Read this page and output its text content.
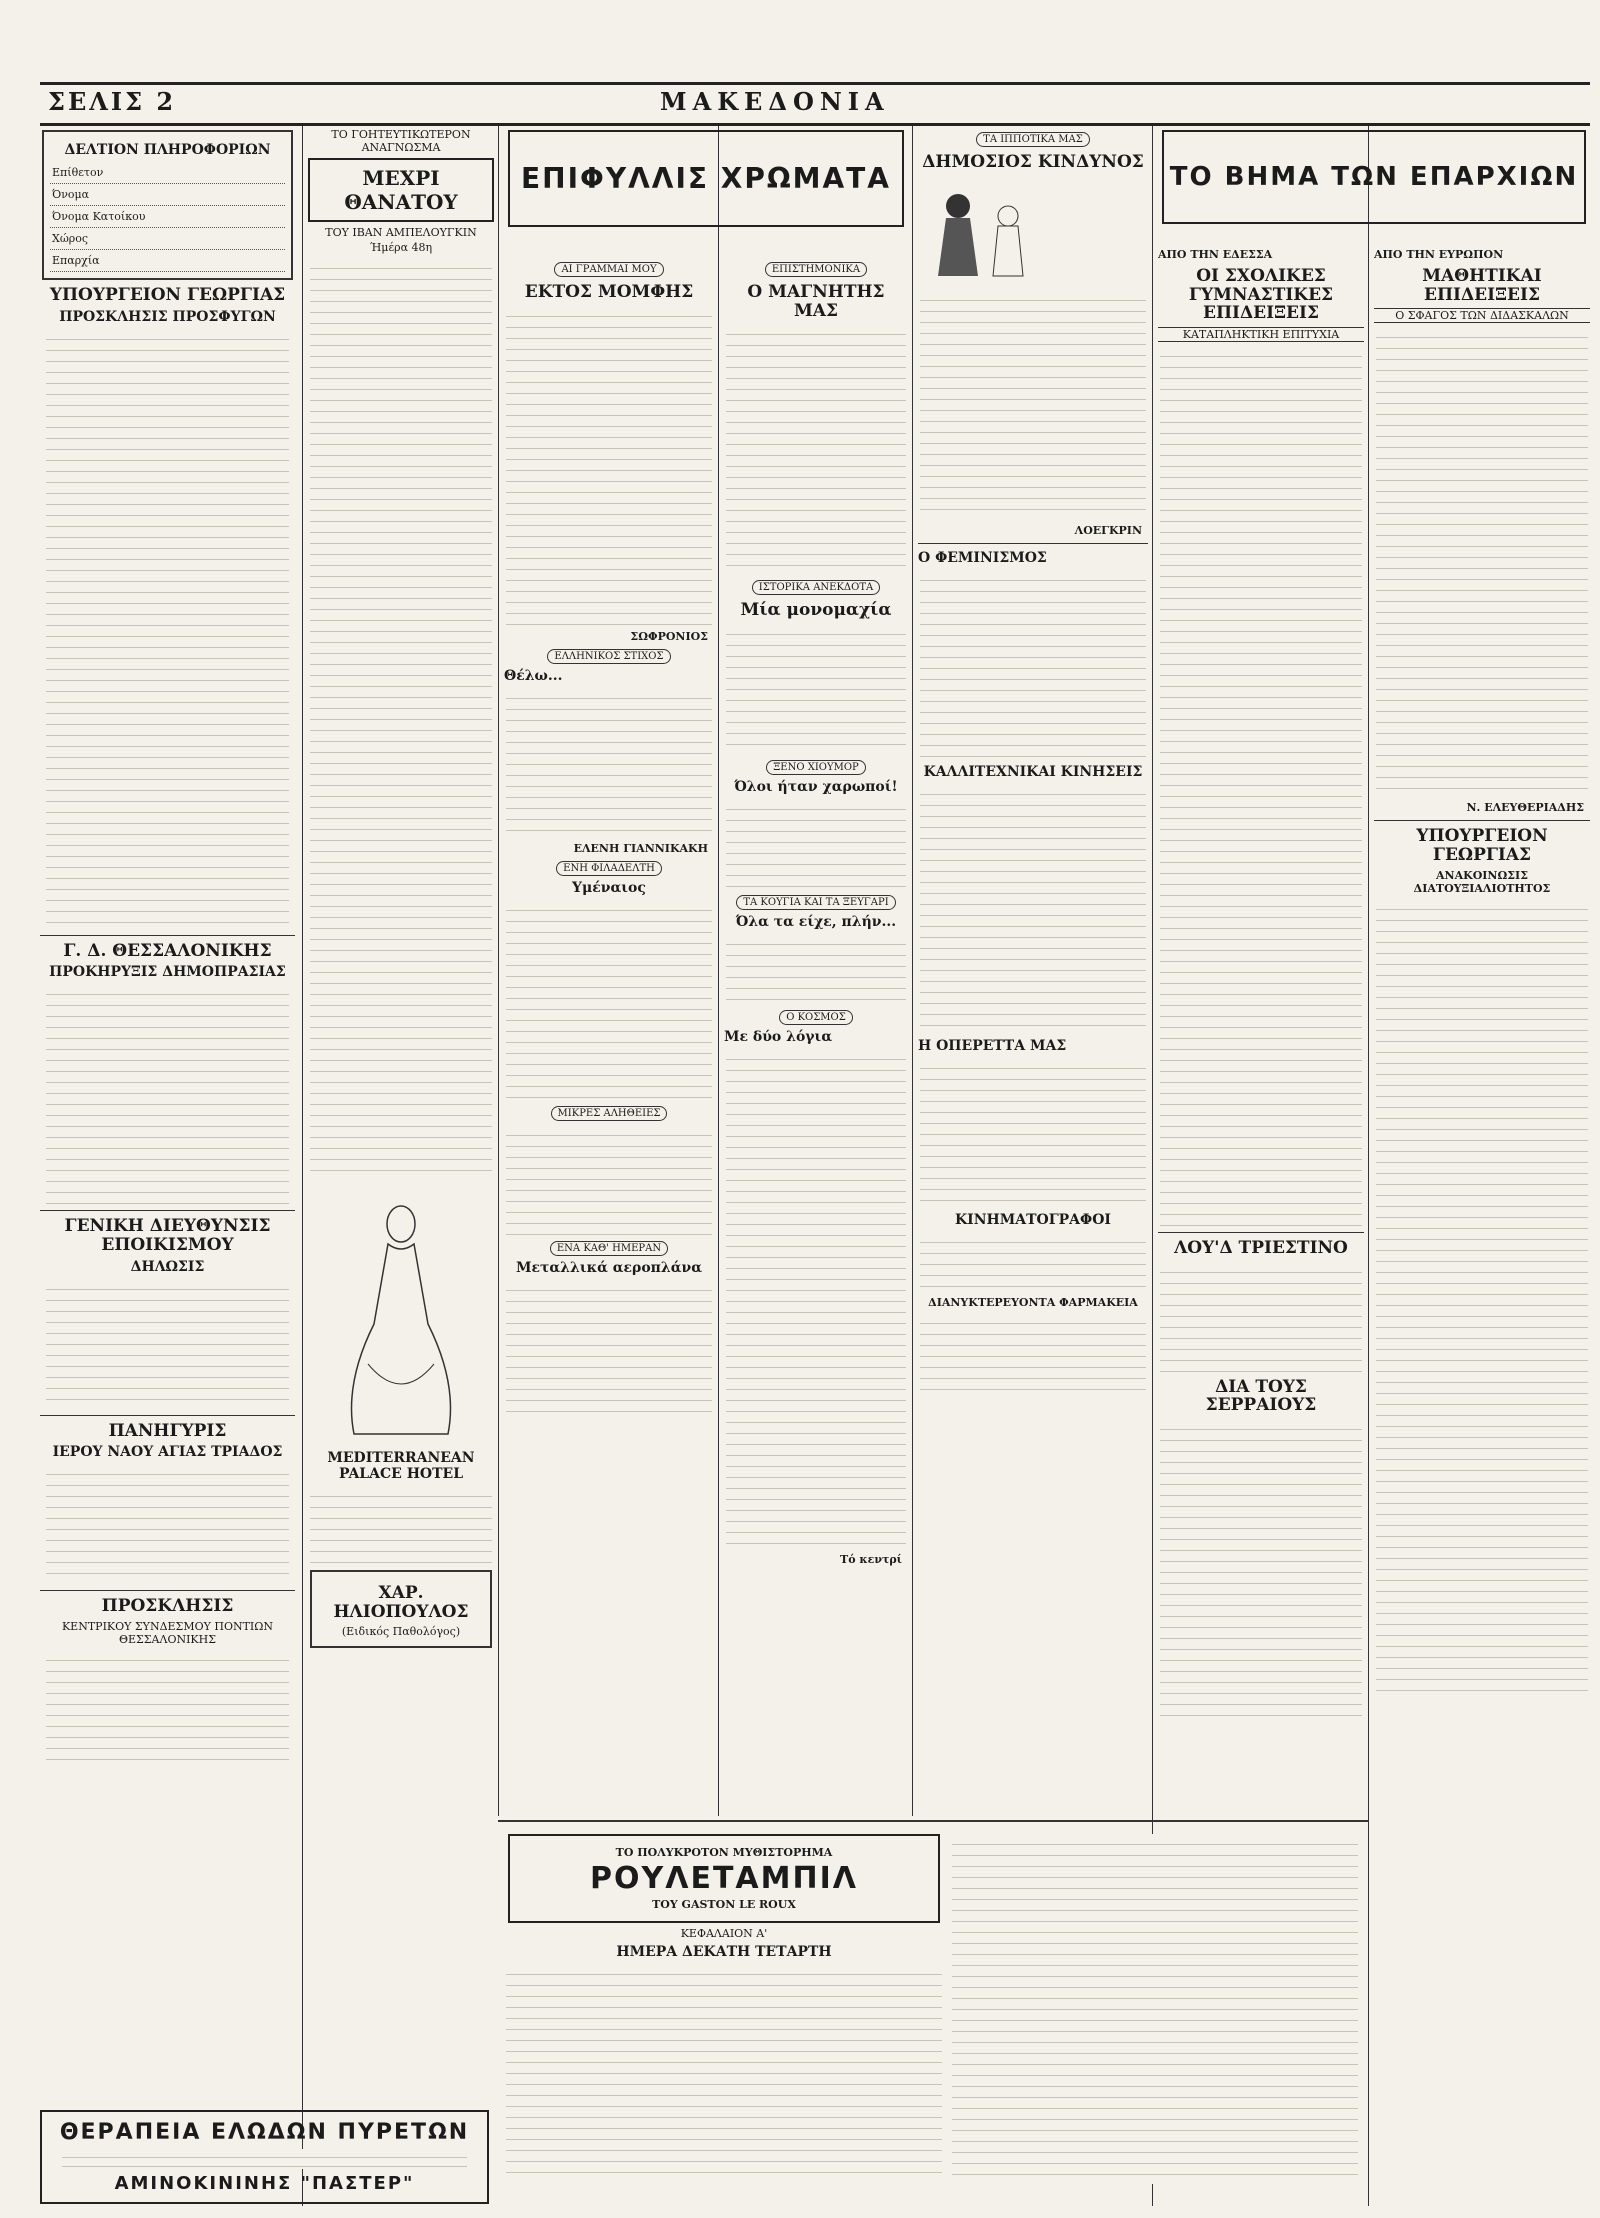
ΣΕΛΙΣ 2	ΜΑΚΕΔΟΝΙΑ
ΔΕΛΤΙΟΝ ΠΛΗΡΟΦΟΡΙΩΝ
Επίθετον
Όνομα
Όνομα Κατοίκου
Χώρος
Επαρχία
ΥΠΟΥΡΓΕΙΟΝ ΓΕΩΡΓΙΑΣ
ΠΡΟΣΚΛΗΣΙΣ ΠΡΟΣΦΥΓΩΝ
Γ. Δ. ΘΕΣΣΑΛΟΝΙΚΗΣ
ΠΡΟΚΗΡΥΞΙΣ ΔΗΜΟΠΡΑΣΙΑΣ
ΓΕΝΙΚΗ ΔΙΕΥΘΥΝΣΙΣ ΕΠΟΙΚΙΣΜΟΥ
ΔΗΛΩΣΙΣ
ΠΑΝΗΓΥΡΙΣ
ΙΕΡΟΥ ΝΑΟΥ ΑΓΙΑΣ ΤΡΙΑΔΟΣ
ΠΡΟΣΚΛΗΣΙΣ
ΚΕΝΤΡΙΚΟΥ ΣΥΝΔΕΣΜΟΥ ΠΟΝΤΙΩΝ ΘΕΣΣΑΛΟΝΙΚΗΣ
ΤΟ ΓΟΗΤΕΥΤΙΚΩΤΕΡΟΝ ΑΝΑΓΝΩΣΜΑ
ΜΕΧΡΙ ΘΑΝΑΤΟΥ
ΤΟΥ ΙΒΑΝ ΑΜΠΕΛΟΥΓΚΙΝ
Ήμέρα 48η
MEDITERRANEAN PALACE HOTEL
ΧΑΡ. ΗΛΙΟΠΟΥΛΟΣ
(Ειδικός Παθολόγος)
ΕΠΙΦΥΛΛΙΣ ΧΡΩΜΑΤΑ
ΑΙ ΓΡΑΜΜΑΙ ΜΟΥ
ΕΚΤΟΣ ΜΟΜΦΗΣ
ΣΩΦΡΟΝΙΟΣ
ΕΛΛΗΝΙΚΟΣ ΣΤΙΧΟΣ
Θέλω...
ΕΛΕΝΗ ΓΙΑΝΝΙΚΑΚΗ
ΕΝΗ ΦΙΛΑΔΕΛΤΗ
Υμέναιος
ΜΙΚΡΕΣ ΑΛΗΘΕΙΕΣ
ΕΝΑ ΚΑΘ' ΗΜΕΡΑΝ
Μεταλλικά αεροπλάνα
ΕΠΙΣΤΗΜΟΝΙΚΑ
Ο ΜΑΓΝΗΤΗΣ ΜΑΣ
ΙΣΤΟΡΙΚΑ ΑΝΕΚΔΟΤΑ
Μία μονομαχία
ΞΕΝΟ ΧΙΟΥΜΟΡ
Όλοι ήταν χαρωποί!
ΤΑ ΚΟΥΓΙΑ ΚΑΙ ΤΑ ΞΕΥΓΑΡΙ
Όλα τα είχε, πλήν...
Ο ΚΟΣΜΟΣ
Με δύο λόγια
Τό κεντρί
ΤΑ ΙΠΠΟΤΙΚΑ ΜΑΣ
ΔΗΜΟΣΙΟΣ ΚΙΝΔΥΝΟΣ
ΛΟΕΓΚΡΙΝ
Ο ΦΕΜΙΝΙΣΜΟΣ
ΚΑΛΛΙΤΕΧΝΙΚΑΙ ΚΙΝΗΣΕΙΣ
Η ΟΠΕΡΕΤΤΑ ΜΑΣ
ΚΙΝΗΜΑΤΟΓΡΑΦΟΙ
ΔΙΑΝΥΚΤΕΡΕΥΟΝΤΑ ΦΑΡΜΑΚΕΙΑ
ΤΟ ΒΗΜΑ ΤΩΝ ΕΠΑΡΧΙΩΝ
ΑΠΟ ΤΗΝ ΕΔΕΣΣΑ
ΟΙ ΣΧΟΛΙΚΕΣ ΓΥΜΝΑΣΤΙΚΕΣ ΕΠΙΔΕΙΞΕΙΣ
ΚΑΤΑΠΛΗΚΤΙΚΗ ΕΠΙΤΥΧΙΑ
ΛΟΥ'Δ ΤΡΙΕΣΤΙΝΟ
ΔΙΑ ΤΟΥΣ ΣΕΡΡΑΙΟΥΣ
ΑΠΟ ΤΗΝ ΕΥΡΩΠΟΝ
ΜΑΘΗΤΙΚΑΙ ΕΠΙΔΕΙΞΕΙΣ
Ο ΣΦΑΓΟΣ ΤΩΝ ΔΙΔΑΣΚΑΛΩΝ
Ν. ΕΛΕΥΘΕΡΙΑΔΗΣ
ΥΠΟΥΡΓΕΙΟΝ ΓΕΩΡΓΙΑΣ
ΑΝΑΚΟΙΝΩΣΙΣ ΔΙΑΤΟΥΞΙΑΛΙΟΤΗΤΟΣ
ΤΟ ΠΟΛΥΚΡΟΤΟΝ ΜΥΘΙΣΤΟΡΗΜΑ
ΡΟΥΛΕΤΑΜΠΙΛ
ΤΟΥ GASTON LE ROUX
ΚΕΦΑΛΑΙΟΝ Α'
ΗΜΕΡΑ ΔΕΚΑΤΗ ΤΕΤΑΡΤΗ
ΘΕΡΑΠΕΙΑ ΕΛΩΔΩΝ ΠΥΡΕΤΩΝ
ΑΜΙΝΟΚΙΝΙΝΗΣ "ΠΑΣΤΕΡ"
